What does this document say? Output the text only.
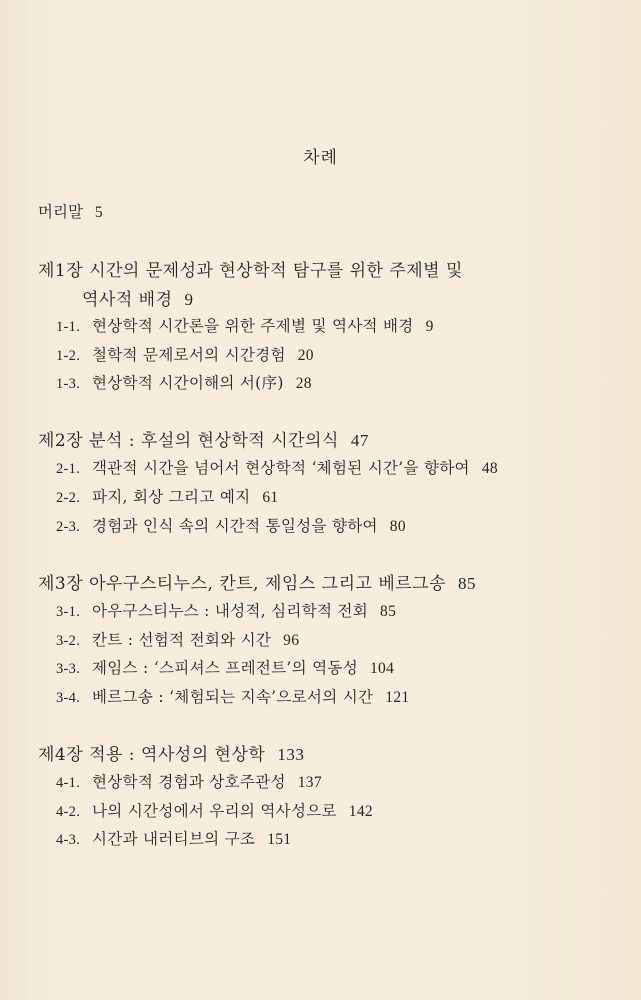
차례
머리말 5
제1장 시간의 문제성과 현상학적 탐구를 위한 주제별 및
역사적 배경 9
1-1. 현상학적 시간론을 위한 주제별 및 역사적 배경 9
1-2. 철학적 문제로서의 시간경험 20
1-3. 현상학적 시간이해의 서(序) 28
제2장 분석 : 후설의 현상학적 시간의식 47
2-1. 객관적 시간을 넘어서 현상학적 ‘체험된 시간’을 향하여 48
2-2. 파지, 회상 그리고 예지 61
2-3. 경험과 인식 속의 시간적 통일성을 향하여 80
제3장 아우구스티누스, 칸트, 제임스 그리고 베르그송 85
3-1. 아우구스티누스 : 내성적, 심리학적 전회 85
3-2. 칸트 : 선험적 전회와 시간 96
3-3. 제임스 : ‘스피셔스 프레전트’의 역동성 104
3-4. 베르그송 : ‘체험되는 지속’으로서의 시간 121
제4장 적용 : 역사성의 현상학 133
4-1. 현상학적 경험과 상호주관성 137
4-2. 나의 시간성에서 우리의 역사성으로 142
4-3. 시간과 내러티브의 구조 151
